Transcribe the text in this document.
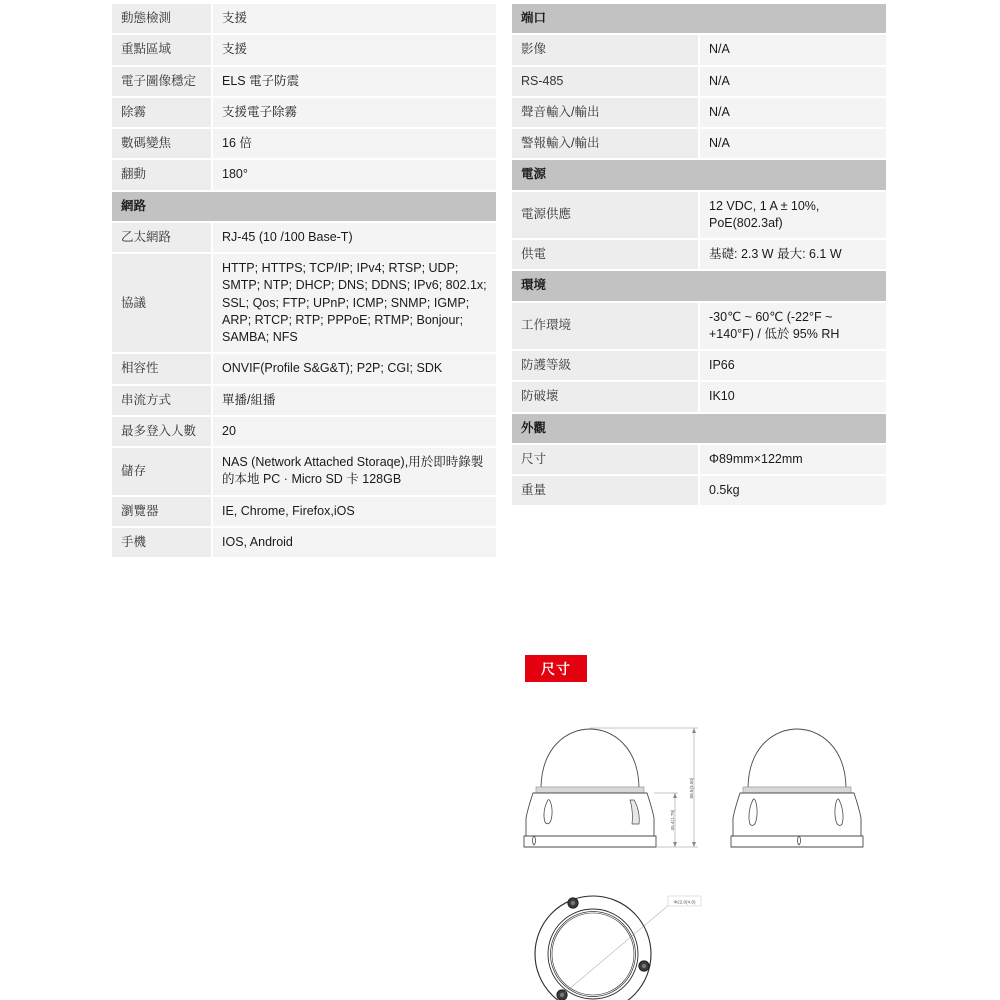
動態檢測	支援
重點區域	支援
電子圖像穩定	ELS 電子防震
除霧	支援電子除霧
數碼變焦	16 倍
翻動	180°
網路	
乙太網路	RJ-45 (10 /100 Base-T)
協議	HTTP; HTTPS; TCP/IP; IPv4; RTSP; UDP; SMTP; NTP; DHCP; DNS; DDNS; IPv6; 802.1x; SSL; Qos; FTP; UPnP; ICMP; SNMP; IGMP; ARP; RTCP; RTP; PPPoE; RTMP; Bonjour; SAMBA; NFS
相容性	ONVIF(Profile S&G&T); P2P; CGI; SDK
串流方式	單播/組播
最多登入人數	20
儲存	NAS (Network Attached Storaqe),用於即時錄製的本地 PC · Micro SD 卡 128GB
瀏覽器	IE, Chrome, Firefox,iOS
手機	IOS, Android
端口	
影像	N/A
RS-485	N/A
聲音輸入/輸出	N/A
警報輸入/輸出	N/A
電源	
電源供應	12 VDC, 1 A ± 10%, PoE(802.3af)
供電	基礎: 2.3 W 最大: 6.1 W
環境	
工作環境	-30℃ ~ 60℃ (-22°F ~ +140°F) / 低於 95% RH
防護等級	IP66
防破壞	IK10
外觀	
尺寸	Φ89mm×122mm
重量	0.5kg
尺寸
88.8(3.50)
45.4(1.79)
Φ22.0(4.8)
